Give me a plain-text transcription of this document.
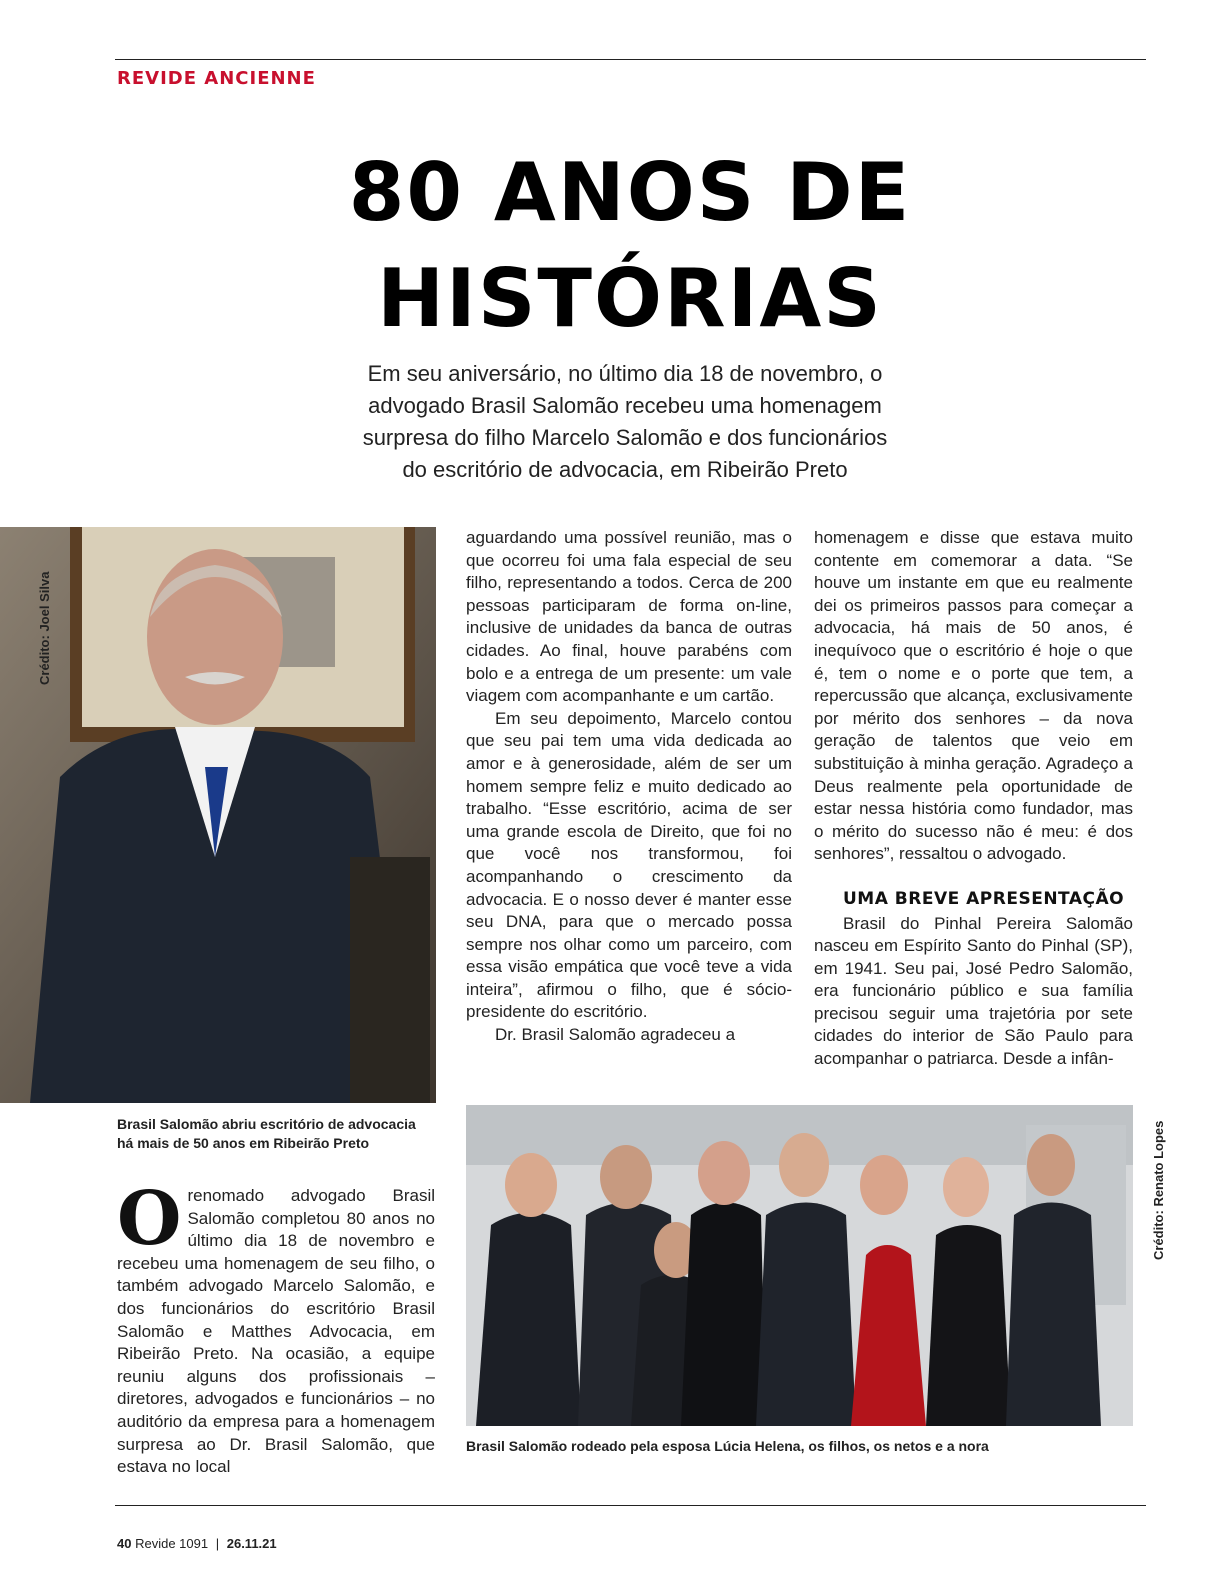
REVIDE ANCIENNE
80 ANOS DE
HISTÓRIAS
Em seu aniversário, no último dia 18 de novembro, o
advogado Brasil Salomão recebeu uma homenagem
surpresa do filho Marcelo Salomão e dos funcionários
do escritório de advocacia, em Ribeirão Preto
Crédito: Joel Silva
Brasil Salomão abriu escritório de advocacia
há mais de 50 anos em Ribeirão Preto

aguardando uma possível reunião, mas o que ocorreu foi uma fala especial de seu filho, representando a todos. Cerca de 200 pessoas participaram de forma on-line, inclusive de unidades da banca de outras cidades. Ao final, houve parabéns com bolo e a entrega de um presente: um vale viagem com acompanhante e um cartão.

Em seu depoimento, Marcelo contou que seu pai tem uma vida dedicada ao amor e à generosidade, além de ser um homem sempre feliz e muito dedicado ao trabalho. “Esse escritório, acima de ser uma grande escola de Direito, que foi no que você nos transformou, foi acompanhando o crescimento da advocacia. E o nosso dever é manter esse seu DNA, para que o mercado possa sempre nos olhar como um parceiro, com essa visão empática que você teve a vida inteira”, afirmou o filho, que é sócio-presidente do escritório.

Dr. Brasil Salomão agradeceu a

homenagem e disse que estava muito contente em comemorar a data. “Se houve um instante em que eu realmente dei os primeiros passos para começar a advocacia, há mais de 50 anos, é inequívoco que o escritório é hoje o que é, tem o nome e o porte que tem, a repercussão que alcança, exclusivamente por mérito dos senhores – da nova geração de talentos que veio em substituição à minha geração. Agradeço a Deus realmente pela oportunidade de estar nessa história como fundador, mas o mérito do sucesso não é meu: é dos senhores”, ressaltou o advogado.

UMA BREVE APRESENTAÇÃO

Brasil do Pinhal Pereira Salomão nasceu em Espírito Santo do Pinhal (SP), em 1941. Seu pai, José Pedro Salomão, era funcionário público e sua família precisou seguir uma trajetória por sete cidades do interior de São Paulo para acompanhar o patriarca. Desde a infân-

Crédito: Renato Lopes
Brasil Salomão rodeado pela esposa Lúcia Helena, os filhos, os netos e a nora
O renomado advogado Brasil Salomão completou 80 anos no último dia 18 de novembro e recebeu uma homenagem de seu filho, o também advogado Marcelo Salomão, e dos funcionários do escritório Brasil Salomão e Matthes Advocacia, em Ribeirão Preto. Na ocasião, a equipe reuniu alguns dos profissionais – diretores, advogados e funcionários – no auditório da empresa para a homenagem surpresa ao Dr. Brasil Salomão, que estava no local

40 Revide 1091 | 26.11.21
